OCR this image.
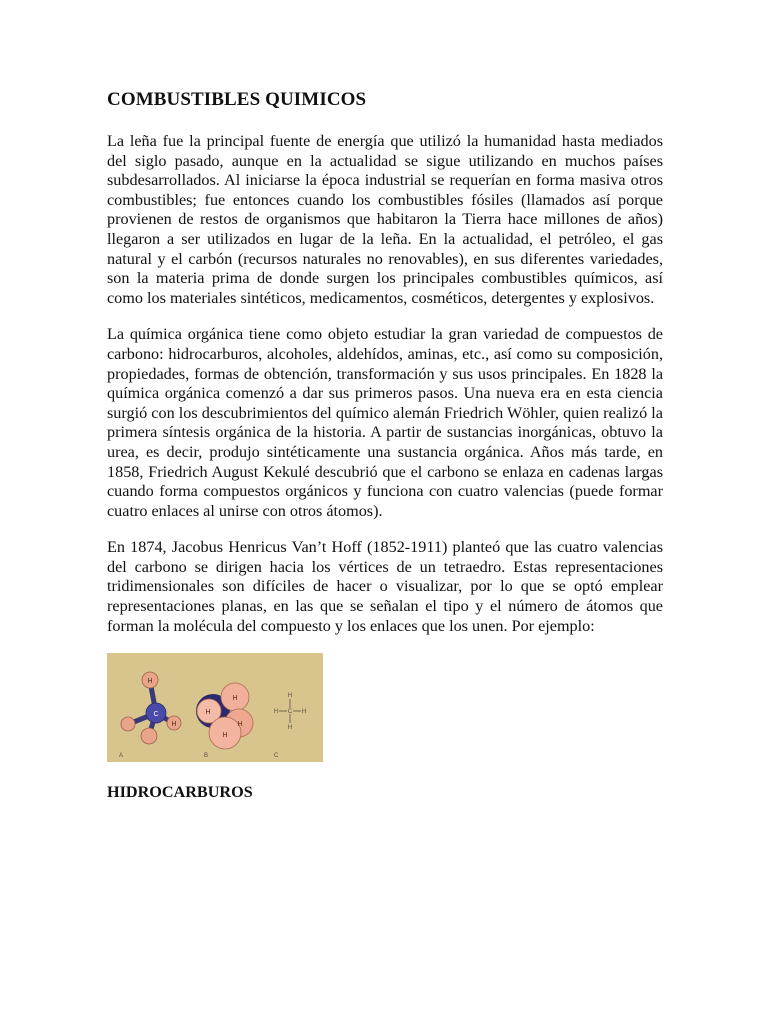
COMBUSTIBLES QUIMICOS

La leña fue la principal fuente de energía que utilizó la humanidad hasta mediados del siglo pasado, aunque en la actualidad se sigue utilizando en muchos países subdesarrollados. Al iniciarse la época industrial se requerían en forma masiva otros combustibles; fue entonces cuando los combustibles fósiles (llamados así porque provienen de restos de organismos que habitaron la Tierra hace millones de años) llegaron a ser utilizados en lugar de la leña. En la actualidad, el petróleo, el gas natural y el carbón (recursos naturales no renovables), en sus diferentes variedades, son la materia prima de donde surgen los principales combustibles químicos, así como los materiales sintéticos, medicamentos, cosméticos, detergentes y explosivos.

La química orgánica tiene como objeto estudiar la gran variedad de compuestos de carbono: hidrocarburos, alcoholes, aldehídos, aminas, etc., así como su composición, propiedades, formas de obtención, transformación y sus usos principales. En 1828 la química orgánica comenzó a dar sus primeros pasos. Una nueva era en esta ciencia surgió con los descubrimientos del químico alemán Friedrich Wöhler, quien realizó la primera síntesis orgánica de la historia. A partir de sustancias inorgánicas, obtuvo la urea, es decir, produjo sintéticamente una sustancia orgánica. Años más tarde, en 1858, Friedrich August Kekulé descubrió que el carbono se enlaza en cadenas largas cuando forma compuestos orgánicos y funciona con cuatro valencias (puede formar cuatro enlaces al unirse con otros átomos).

En 1874, Jacobus Henricus Van’t Hoff (1852-1911) planteó que las cuatro valencias del carbono se dirigen hacia los vértices de un tetraedro. Estas representaciones tridimensionales son difíciles de hacer o visualizar, por lo que se optó emplear representaciones planas, en las que se señalan el tipo y el número de átomos que forman la molécula del compuesto y los enlaces que los unen. Por ejemplo:

H
C
H
H
H
H
H
H
C
H
H	H
A	B	C
HIDROCARBUROS
